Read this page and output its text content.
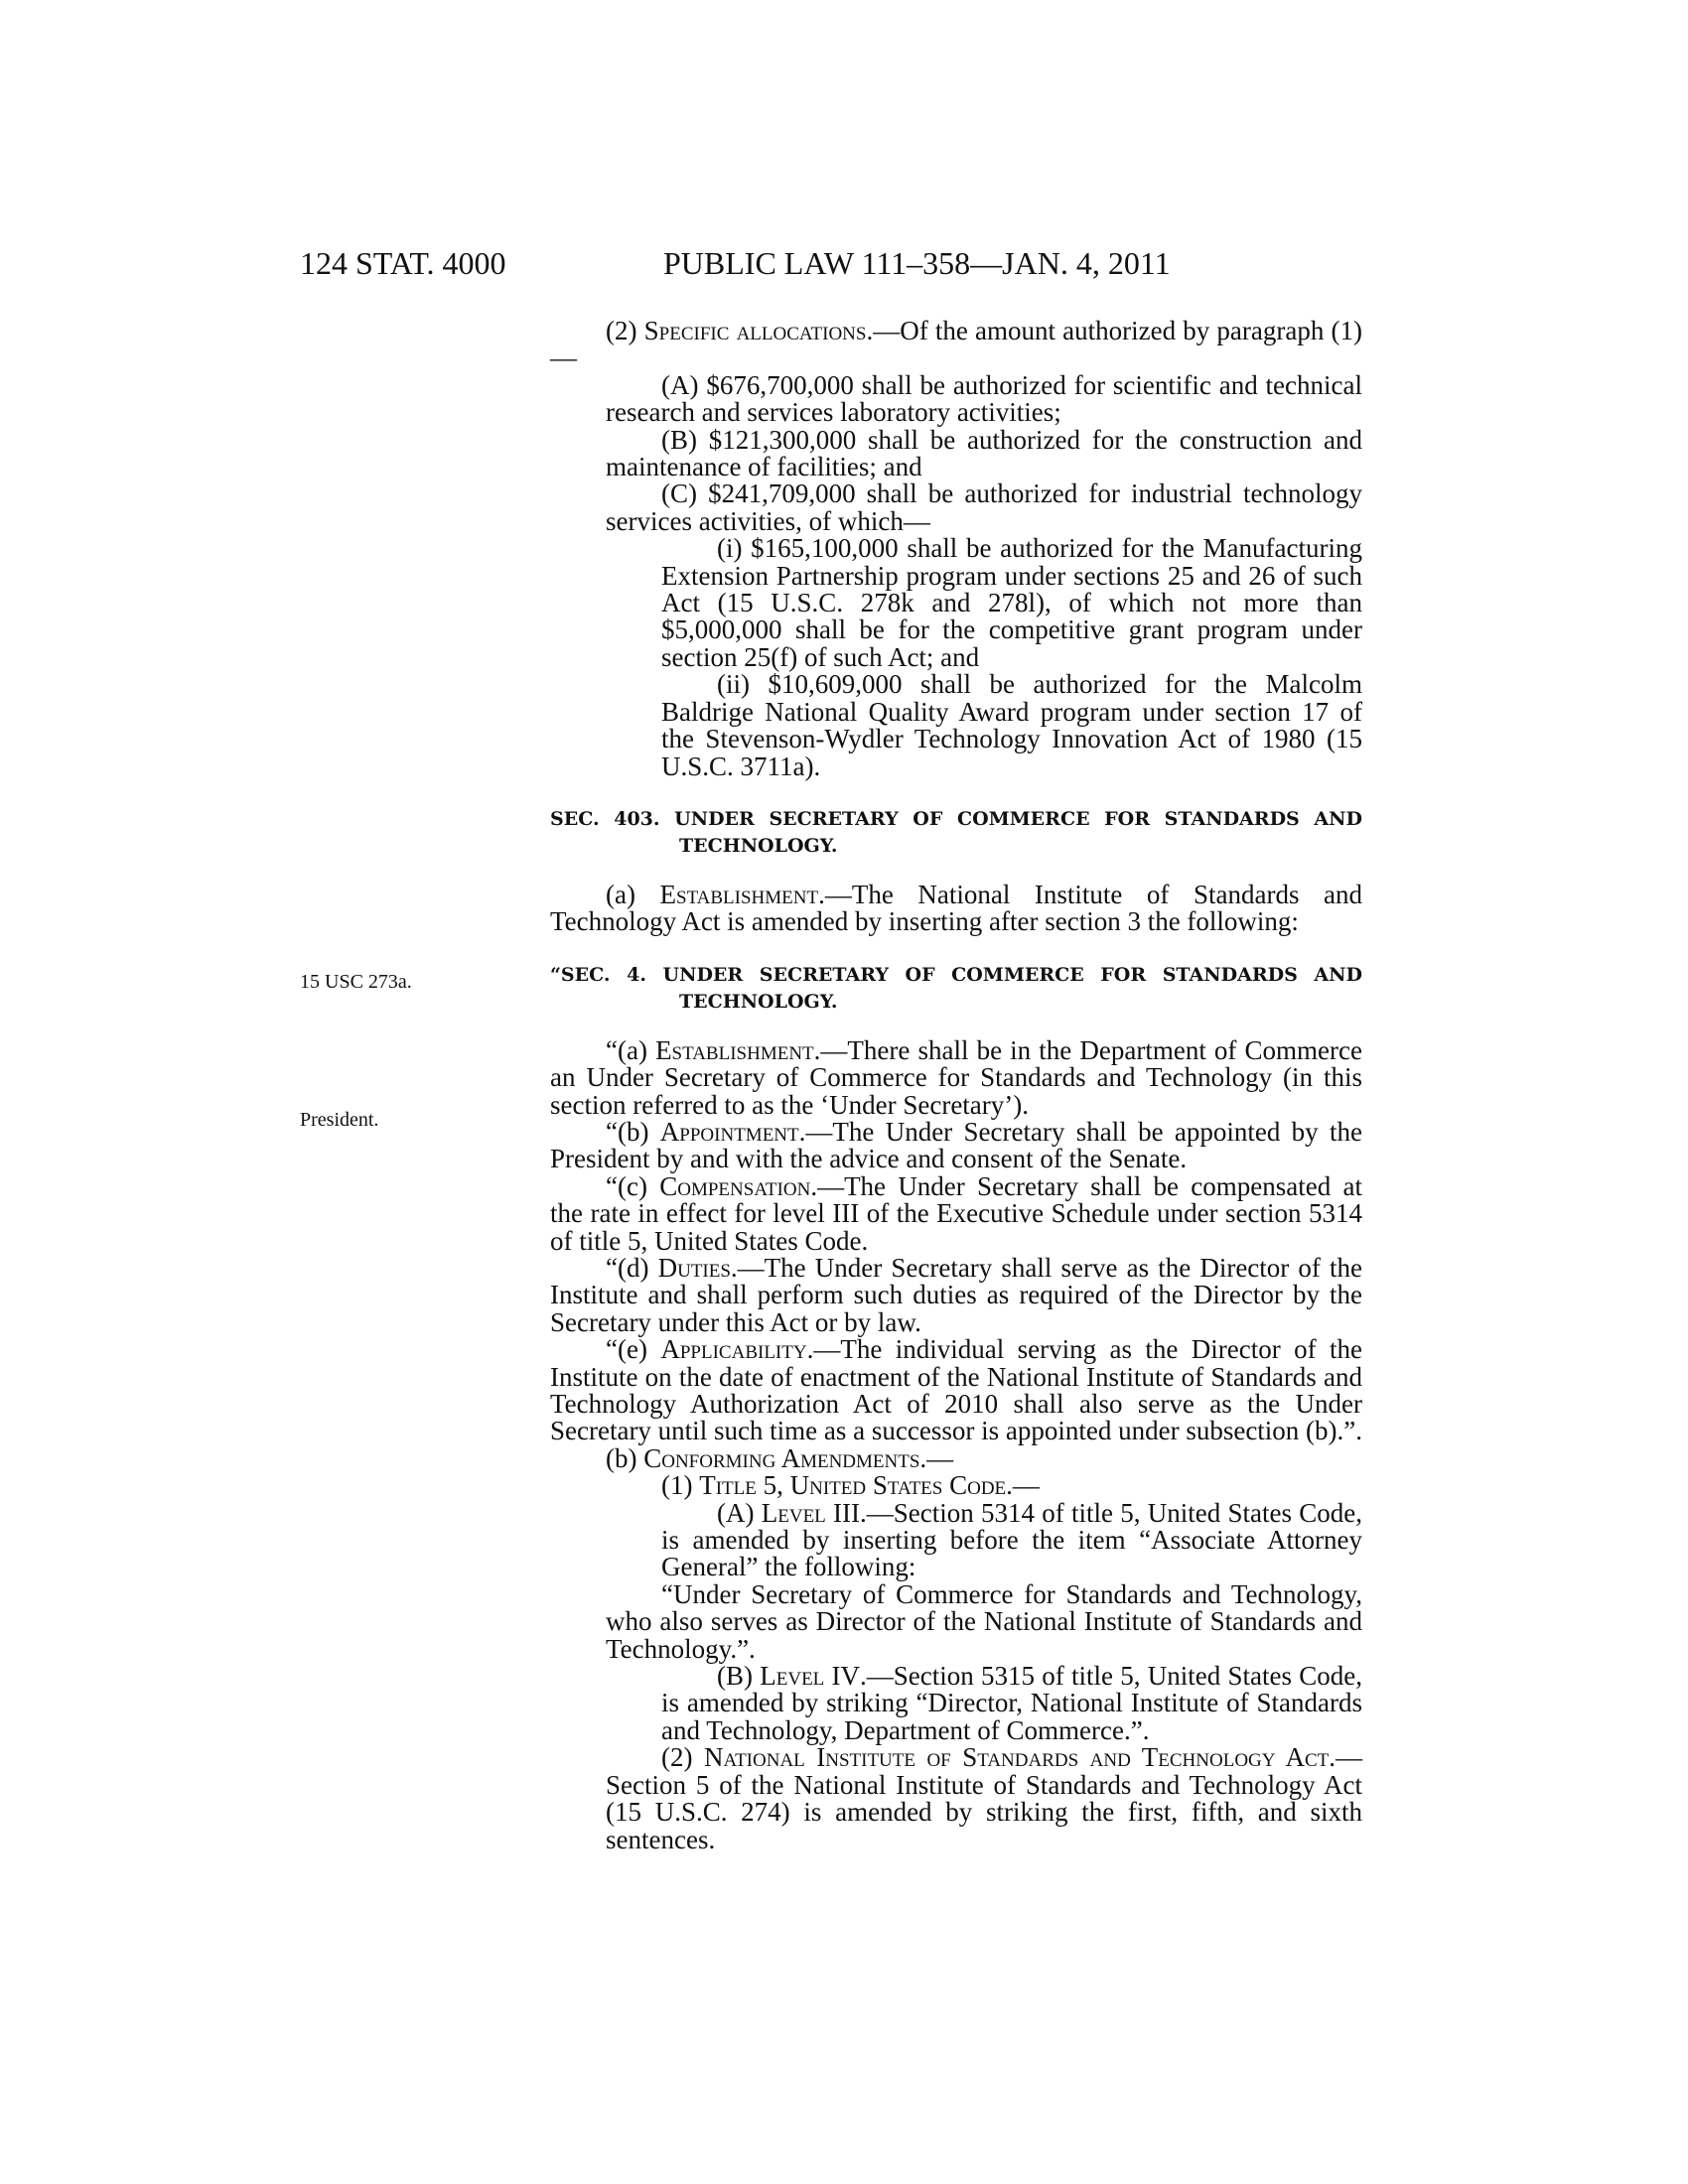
124 STAT. 4000	PUBLIC LAW 111–358—JAN. 4, 2011
15 USC 273a.
President.

(2) Specific allocations.—Of the amount authorized by paragraph (1)—

(A) $676,700,000 shall be authorized for scientific and technical research and services laboratory activities;

(B) $121,300,000 shall be authorized for the construction and maintenance of facilities; and

(C) $241,709,000 shall be authorized for industrial technology services activities, of which—

(i) $165,100,000 shall be authorized for the Manufacturing Extension Partnership program under sections 25 and 26 of such Act (15 U.S.C. 278k and 278l), of which not more than $5,000,000 shall be for the competitive grant program under section 25(f) of such Act; and

(ii) $10,609,000 shall be authorized for the Malcolm Baldrige National Quality Award program under section 17 of the Stevenson-Wydler Technology Innovation Act of 1980 (15 U.S.C. 3711a).

SEC. 403. UNDER SECRETARY OF COMMERCE FOR STANDARDS AND TECHNOLOGY.

(a) Establishment.—The National Institute of Standards and Technology Act is amended by inserting after section 3 the following:

“SEC. 4. UNDER SECRETARY OF COMMERCE FOR STANDARDS AND TECHNOLOGY.

“(a) Establishment.—There shall be in the Department of Commerce an Under Secretary of Commerce for Standards and Technology (in this section referred to as the ‘Under Secretary’).

“(b) Appointment.—The Under Secretary shall be appointed by the President by and with the advice and consent of the Senate.

“(c) Compensation.—The Under Secretary shall be compensated at the rate in effect for level III of the Executive Schedule under section 5314 of title 5, United States Code.

“(d) Duties.—The Under Secretary shall serve as the Director of the Institute and shall perform such duties as required of the Director by the Secretary under this Act or by law.

“(e) Applicability.—The individual serving as the Director of the Institute on the date of enactment of the National Institute of Standards and Technology Authorization Act of 2010 shall also serve as the Under Secretary until such time as a successor is appointed under subsection (b).”.

(b) Conforming Amendments.—

(1) Title 5, United States Code.—

(A) Level III.—Section 5314 of title 5, United States Code, is amended by inserting before the item “Associate Attorney General” the following:

“Under Secretary of Commerce for Standards and Technology, who also serves as Director of the National Institute of Standards and Technology.”.

(B) Level IV.—Section 5315 of title 5, United States Code, is amended by striking “Director, National Institute of Standards and Technology, Department of Commerce.”.

(2) National Institute of Standards and Technology Act.—Section 5 of the National Institute of Standards and Technology Act (15 U.S.C. 274) is amended by striking the first, fifth, and sixth sentences.
